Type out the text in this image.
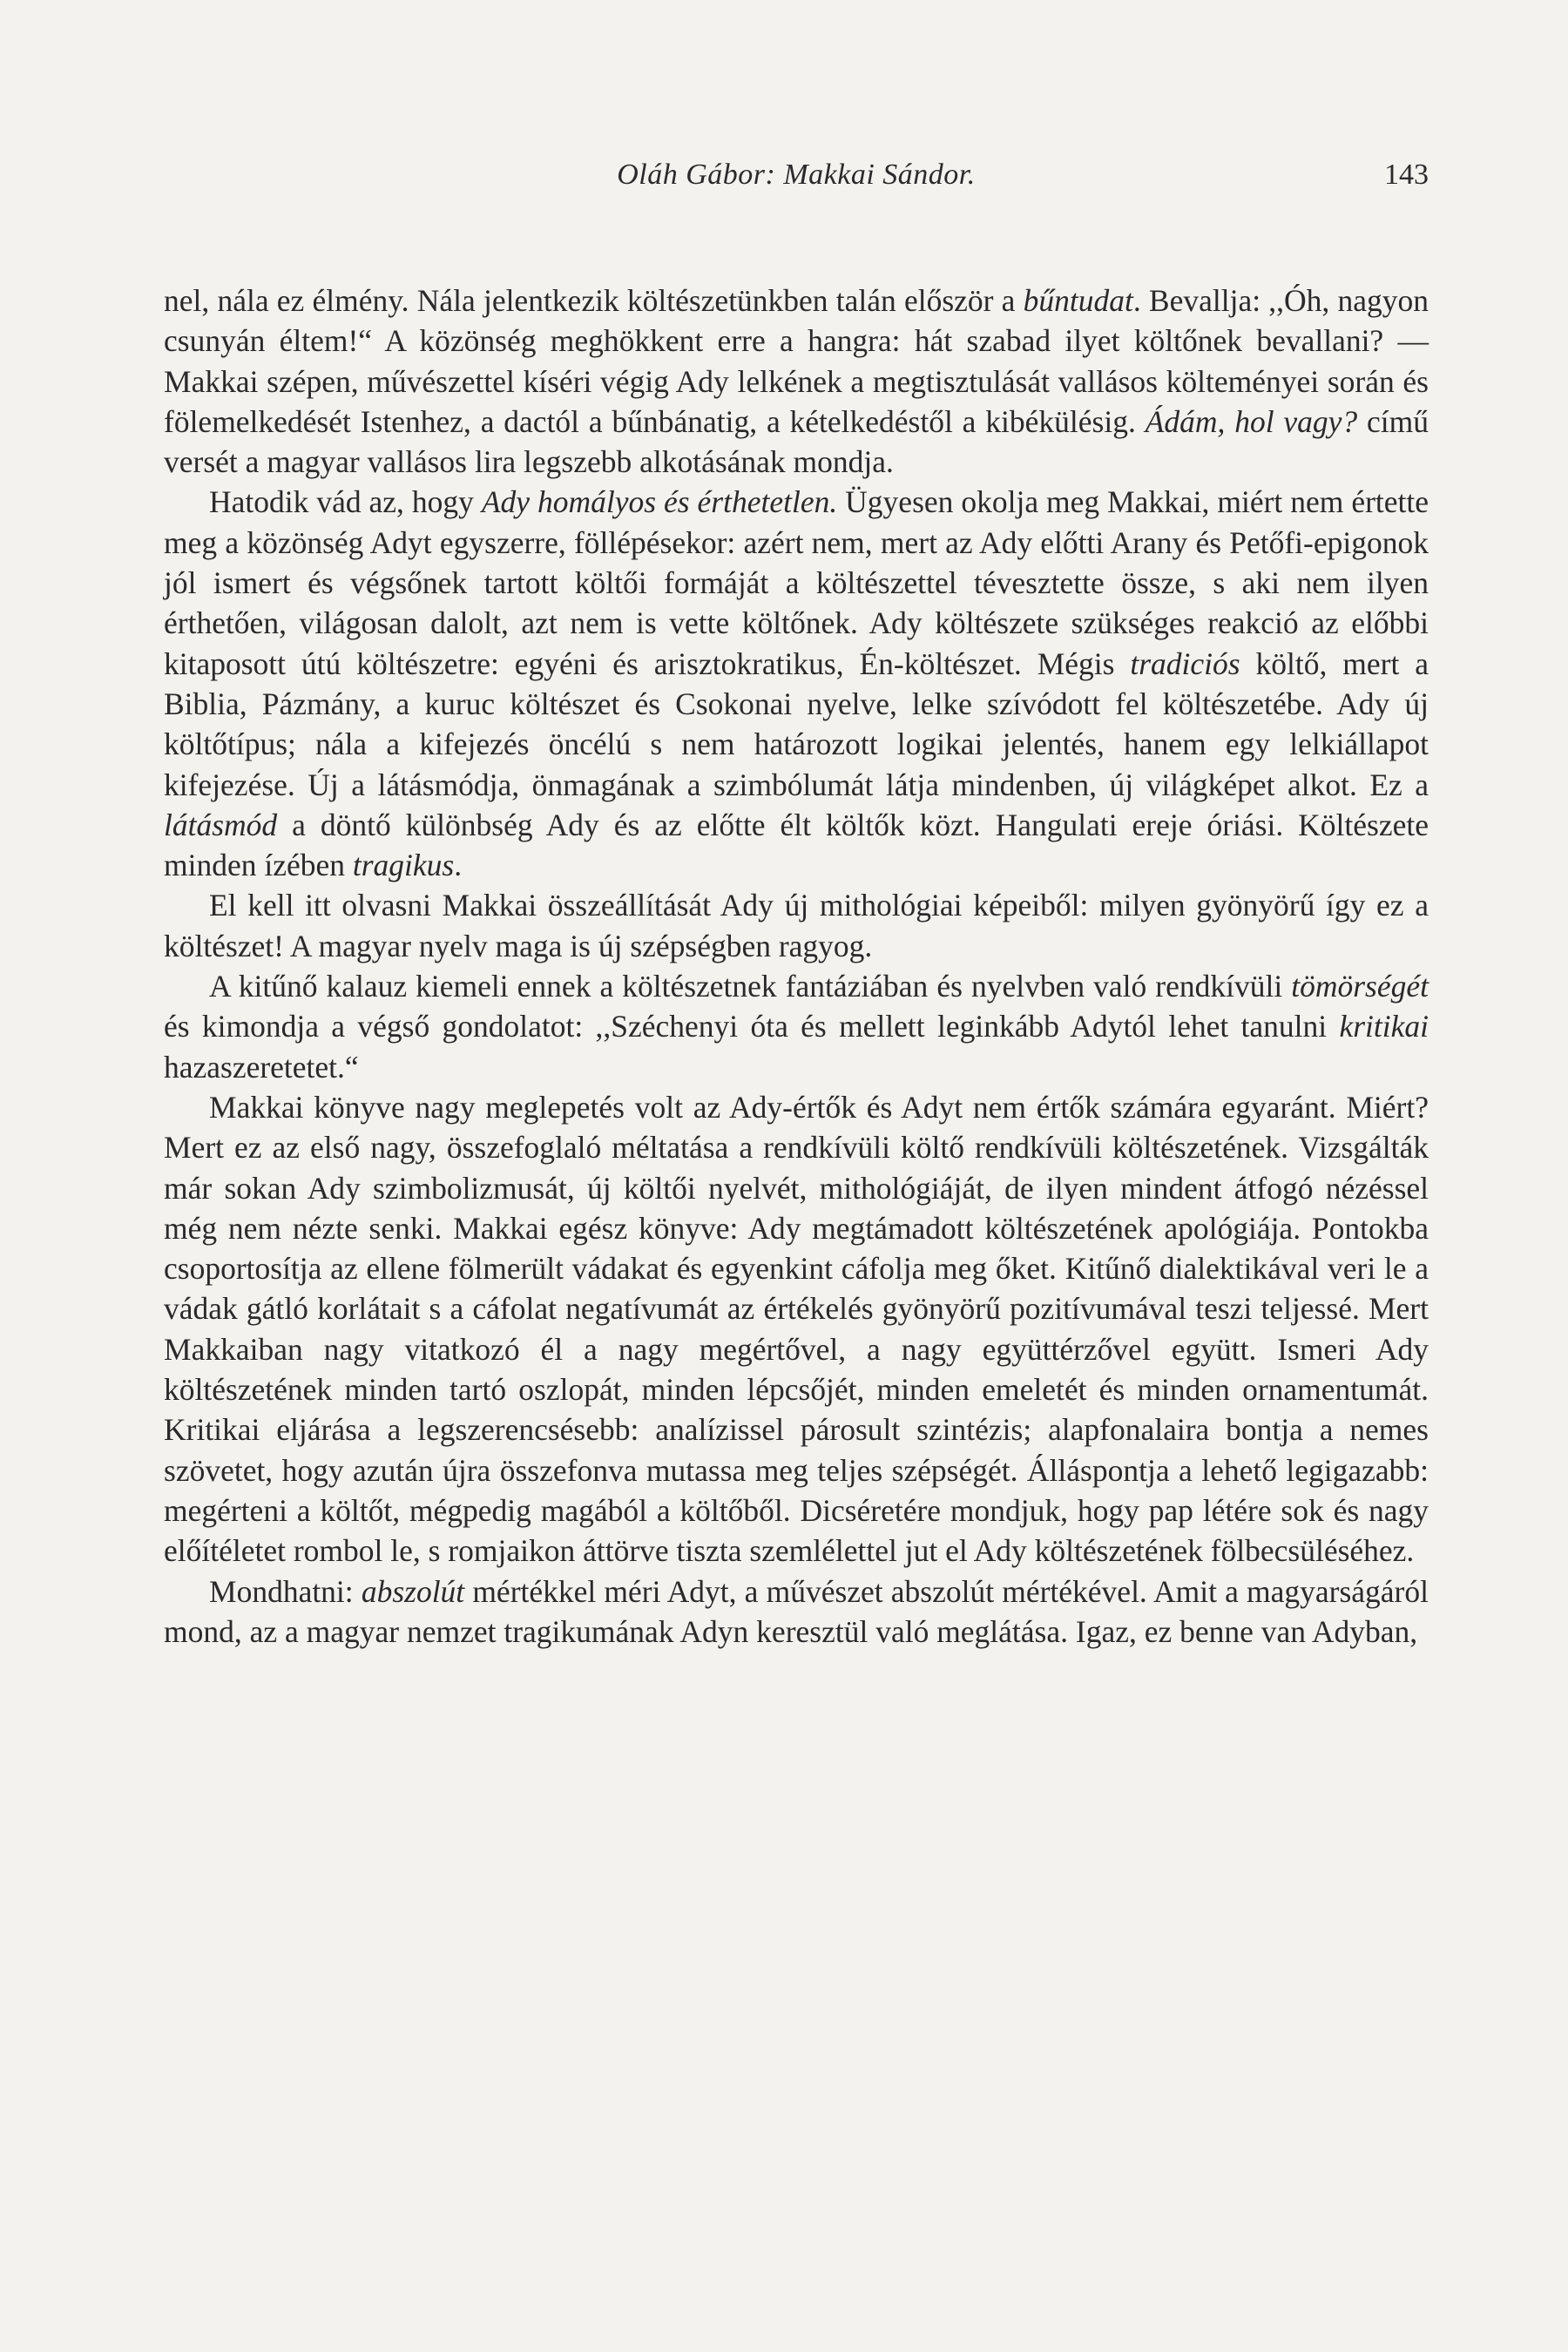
Oláh Gábor: Makkai Sándor.	143

nel, nála ez élmény. Nála jelentkezik költészetünkben talán először a bűntudat. Bevallja: ,,Óh, nagyon csunyán éltem!“ A közönség meghökkent erre a hangra: hát szabad ilyet költőnek bevallani? — Makkai szépen, művészettel kíséri végig Ady lelkének a megtisztulását vallásos költeményei során és fölemelkedését Istenhez, a dactól a bűnbánatig, a kételkedéstől a kibékülésig. Ádám, hol vagy? című versét a magyar vallásos lira legszebb alkotásának mondja.

Hatodik vád az, hogy Ady homályos és érthetetlen. Ügyesen okolja meg Makkai, miért nem értette meg a közönség Adyt egyszerre, föllépésekor: azért nem, mert az Ady előtti Arany és Petőfi-epigonok jól ismert és végsőnek tartott költői formáját a költészettel tévesztette össze, s aki nem ilyen érthetően, világosan dalolt, azt nem is vette költőnek. Ady költészete szükséges reakció az előbbi kitaposott útú költészetre: egyéni és arisztokratikus, Én-költészet. Mégis tradiciós költő, mert a Biblia, Pázmány, a kuruc költészet és Csokonai nyelve, lelke szívódott fel költészetébe. Ady új költőtípus; nála a kifejezés öncélú s nem határozott logikai jelentés, hanem egy lelkiállapot kifejezése. Új a látásmódja, önmagának a szimbólumát látja mindenben, új világképet alkot. Ez a látásmód a döntő különbség Ady és az előtte élt költők közt. Hangulati ereje óriási. Költészete minden ízében tragikus.

El kell itt olvasni Makkai összeállítását Ady új mithológiai képeiből: milyen gyönyörű így ez a költészet! A magyar nyelv maga is új szépségben ragyog.

A kitűnő kalauz kiemeli ennek a költészetnek fantáziában és nyelvben való rendkívüli tömörségét és kimondja a végső gondolatot: ,,Széchenyi óta és mellett leginkább Adytól lehet tanulni kritikai hazaszeretetet.“

Makkai könyve nagy meglepetés volt az Ady-értők és Adyt nem értők számára egyaránt. Miért? Mert ez az első nagy, összefoglaló méltatása a rendkívüli költő rendkívüli költészetének. Vizsgálták már sokan Ady szimbolizmusát, új költői nyelvét, mithológiáját, de ilyen mindent átfogó nézéssel még nem nézte senki. Makkai egész könyve: Ady megtámadott költészetének apológiája. Pontokba csoportosítja az ellene fölmerült vádakat és egyenkint cáfolja meg őket. Kitűnő dialektikával veri le a vádak gátló korlátait s a cáfolat negatívumát az értékelés gyönyörű pozitívumával teszi teljessé. Mert Makkaiban nagy vitatkozó él a nagy megértővel, a nagy együttérzővel együtt. Ismeri Ady költészetének minden tartó oszlopát, minden lépcsőjét, minden emeletét és minden ornamentumát. Kritikai eljárása a legszerencsésebb: analízissel párosult szintézis; alapfonalaira bontja a nemes szövetet, hogy azután újra összefonva mutassa meg teljes szépségét. Álláspontja a lehető legigazabb: megérteni a költőt, mégpedig magából a költőből. Dicséretére mondjuk, hogy pap létére sok és nagy előítéletet rombol le, s romjaikon áttörve tiszta szemlélettel jut el Ady költészetének fölbecsüléséhez.

Mondhatni: abszolút mértékkel méri Adyt, a művészet abszolút mértékével. Amit a magyarságáról mond, az a magyar nemzet tragikumának Adyn keresztül való meglátása. Igaz, ez benne van Adyban,
